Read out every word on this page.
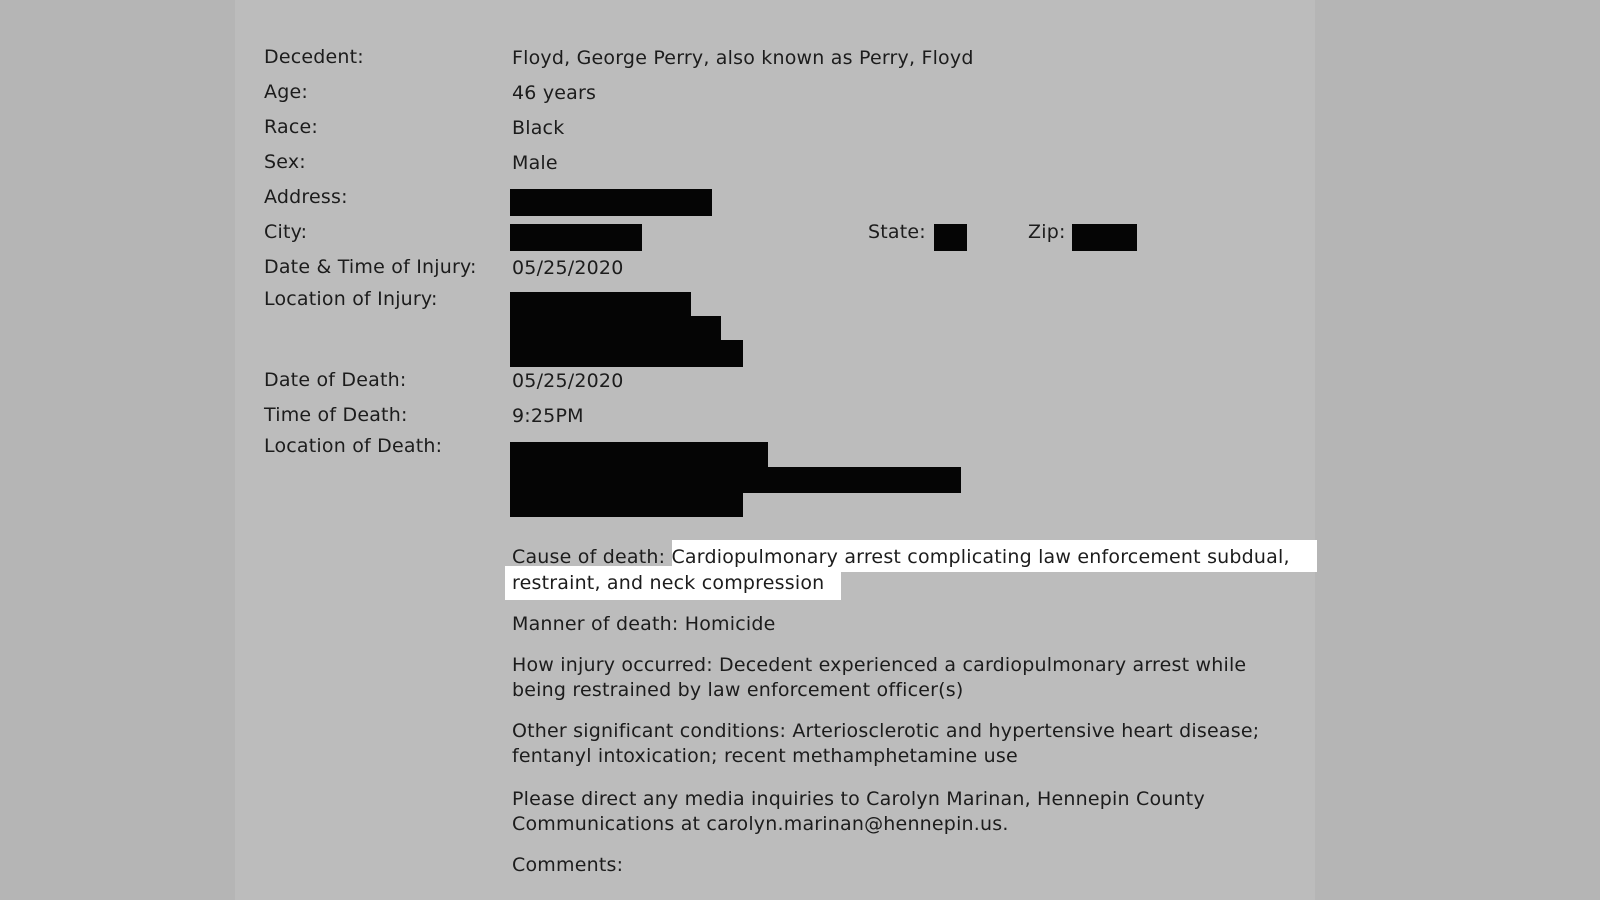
Decedent:	Floyd, George Perry, also known as Perry, Floyd
Age:	46 years
Race:	Black
Sex:	Male
Address:
City:	State:	Zip:
Date & Time of Injury: 05/25/2020
Location of Injury:
Date of Death:	05/25/2020
Time of Death:	9:25PM
Location of Death:
Cause of death: Cardiopulmonary arrest complicating law enforcement subdual,
restraint, and neck compression
Manner of death: Homicide
How injury occurred: Decedent experienced a cardiopulmonary arrest while
being restrained by law enforcement officer(s)
Other significant conditions: Arteriosclerotic and hypertensive heart disease;
fentanyl intoxication; recent methamphetamine use
Please direct any media inquiries to Carolyn Marinan, Hennepin County
Communications at carolyn.marinan@hennepin.us.
Comments:
